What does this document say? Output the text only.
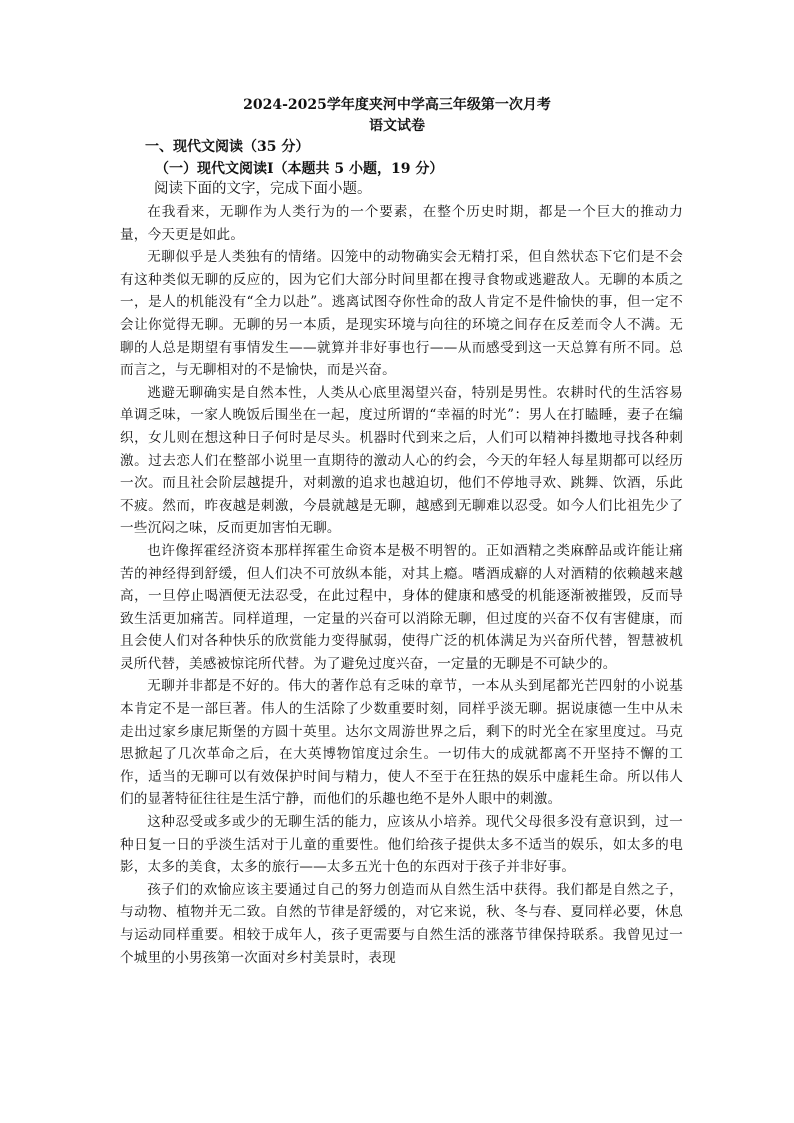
2024-2025学年度夹河中学高三年级第一次月考
语文试卷
一、现代文阅读（35 分）
（一）现代文阅读Ⅰ（本题共 5 小题，19 分）

阅读下面的文字，完成下面小题。

在我看来，无聊作为人类行为的一个要素，在整个历史时期，都是一个巨大的推动力量，今天更是如此。

无聊似乎是人类独有的情绪。囚笼中的动物确实会无精打采，但自然状态下它们是不会有这种类似无聊的反应的，因为它们大部分时间里都在搜寻食物或逃避敌人。无聊的本质之一，是人的机能没有“全力以赴”。逃离试图夺你性命的敌人肯定不是件愉快的事，但一定不会让你觉得无聊。无聊的另一本质，是现实环境与向往的环境之间存在反差而令人不满。无聊的人总是期望有事情发生——就算并非好事也行——从而感受到这一天总算有所不同。总而言之，与无聊相对的不是愉快，而是兴奋。

逃避无聊确实是自然本性，人类从心底里渴望兴奋，特别是男性。农耕时代的生活容易单调乏味，一家人晚饭后围坐在一起，度过所谓的“幸福的时光”：男人在打瞌睡，妻子在编织，女儿则在想这种日子何时是尽头。机器时代到来之后，人们可以精神抖擞地寻找各种刺激。过去恋人们在整部小说里一直期待的激动人心的约会，今天的年轻人每星期都可以经历一次。而且社会阶层越提升，对刺激的追求也越迫切，他们不停地寻欢、跳舞、饮酒，乐此不疲。然而，昨夜越是刺激，今晨就越是无聊，越感到无聊难以忍受。如今人们比祖先少了一些沉闷之味，反而更加害怕无聊。

也许像挥霍经济资本那样挥霍生命资本是极不明智的。正如酒精之类麻醉品或许能让痛苦的神经得到舒缓，但人们决不可放纵本能，对其上瘾。嗜酒成癖的人对酒精的依赖越来越高，一旦停止喝酒便无法忍受，在此过程中，身体的健康和感受的机能逐渐被摧毁，反而导致生活更加痛苦。同样道理，一定量的兴奋可以消除无聊，但过度的兴奋不仅有害健康，而且会使人们对各种快乐的欣赏能力变得腻弱，使得广泛的机体满足为兴奋所代替，智慧被机灵所代替，美感被惊诧所代替。为了避免过度兴奋，一定量的无聊是不可缺少的。

无聊并非都是不好的。伟大的著作总有乏味的章节，一本从头到尾都光芒四射的小说基本肯定不是一部巨著。伟人的生活除了少数重要时刻，同样乎淡无聊。据说康德一生中从未走出过家乡康尼斯堡的方圆十英里。达尔文周游世界之后，剩下的时光全在家里度过。马克思掀起了几次革命之后，在大英博物馆度过余生。一切伟大的成就都离不开坚持不懈的工作，适当的无聊可以有效保护时间与精力，使人不至于在狂热的娱乐中虚耗生命。所以伟人们的显著特征往往是生活宁静，而他们的乐趣也绝不是外人眼中的刺激。

这种忍受或多或少的无聊生活的能力，应该从小培养。现代父母很多没有意识到，过一种日复一日的乎淡生活对于儿童的重要性。他们给孩子提供太多不适当的娱乐，如太多的电影，太多的美食，太多的旅行——太多五光十色的东西对于孩子并非好事。

孩子们的欢愉应该主要通过自己的努力创造而从自然生活中获得。我们都是自然之子，与动物、植物并无二致。自然的节律是舒缓的，对它来说，秋、冬与春、夏同样必要，休息与运动同样重要。相较于成年人，孩子更需要与自然生活的涨落节律保持联系。我曾见过一个城里的小男孩第一次面对乡村美景时，表现
